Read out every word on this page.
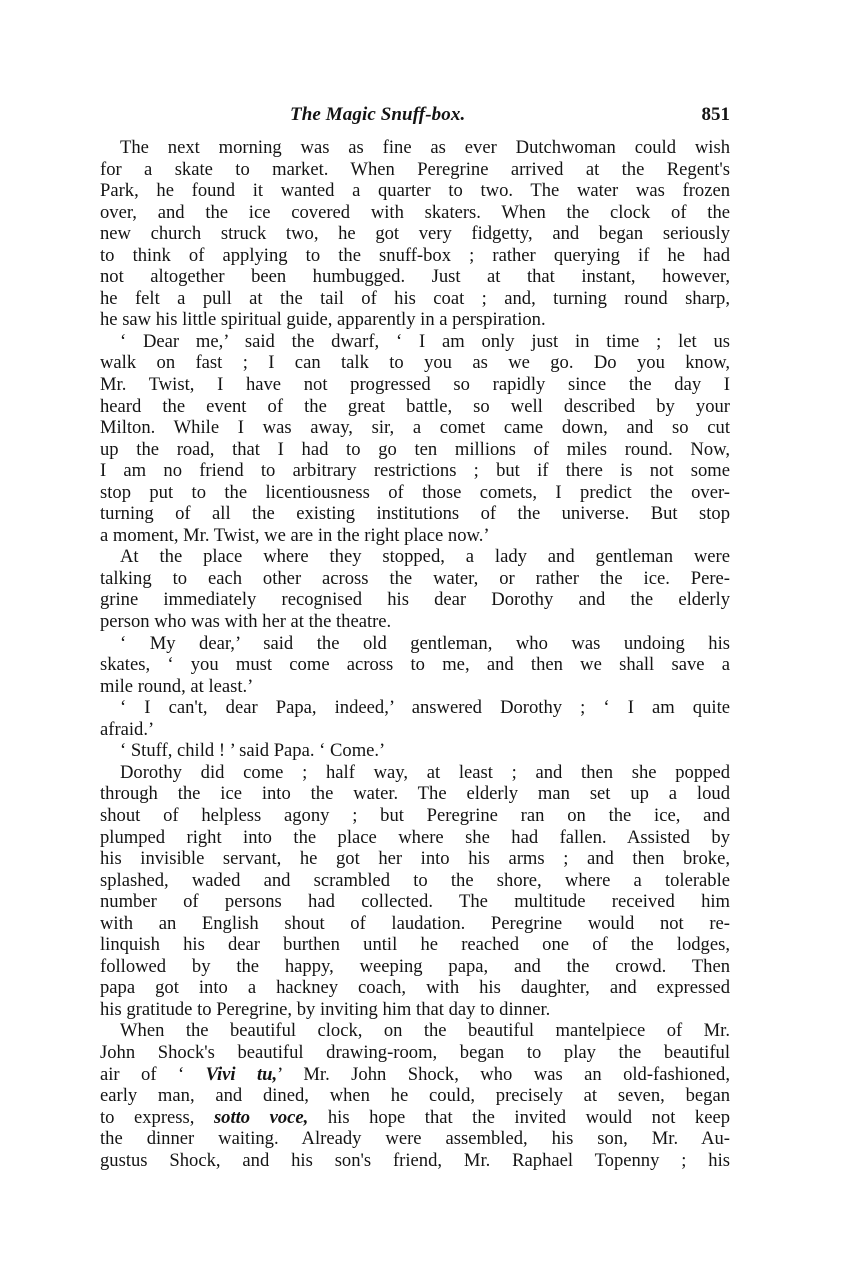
The Magic Snuff-box.	851
The next morning was as fine as ever Dutchwoman could wish
for a skate to market. When Peregrine arrived at the Regent's
Park, he found it wanted a quarter to two. The water was frozen
over, and the ice covered with skaters. When the clock of the
new church struck two, he got very fidgetty, and began seriously
to think of applying to the snuff-box ; rather querying if he had
not altogether been humbugged. Just at that instant, however,
he felt a pull at the tail of his coat ; and, turning round sharp,
he saw his little spiritual guide, apparently in a perspiration.
‘ Dear me,’ said the dwarf, ‘ I am only just in time ; let us
walk on fast ; I can talk to you as we go. Do you know,
Mr. Twist, I have not progressed so rapidly since the day I
heard the event of the great battle, so well described by your
Milton. While I was away, sir, a comet came down, and so cut
up the road, that I had to go ten millions of miles round. Now,
I am no friend to arbitrary restrictions ; but if there is not some
stop put to the licentiousness of those comets, I predict the over-
turning of all the existing institutions of the universe. But stop
a moment, Mr. Twist, we are in the right place now.’
At the place where they stopped, a lady and gentleman were
talking to each other across the water, or rather the ice. Pere-
grine immediately recognised his dear Dorothy and the elderly
person who was with her at the theatre.
‘ My dear,’ said the old gentleman, who was undoing his
skates, ‘ you must come across to me, and then we shall save a
mile round, at least.’
‘ I can't, dear Papa, indeed,’ answered Dorothy ; ‘ I am quite
afraid.’
‘ Stuff, child ! ’ said Papa. ‘ Come.’
Dorothy did come ; half way, at least ; and then she popped
through the ice into the water. The elderly man set up a loud
shout of helpless agony ; but Peregrine ran on the ice, and
plumped right into the place where she had fallen. Assisted by
his invisible servant, he got her into his arms ; and then broke,
splashed, waded and scrambled to the shore, where a tolerable
number of persons had collected. The multitude received him
with an English shout of laudation. Peregrine would not re-
linquish his dear burthen until he reached one of the lodges,
followed by the happy, weeping papa, and the crowd. Then
papa got into a hackney coach, with his daughter, and expressed
his gratitude to Peregrine, by inviting him that day to dinner.
When the beautiful clock, on the beautiful mantelpiece of Mr.
John Shock's beautiful drawing-room, began to play the beautiful
air of ‘ Vivi tu,’ Mr. John Shock, who was an old-fashioned,
early man, and dined, when he could, precisely at seven, began
to express, sotto voce, his hope that the invited would not keep
the dinner waiting. Already were assembled, his son, Mr. Au-
gustus Shock, and his son's friend, Mr. Raphael Topenny ; his
